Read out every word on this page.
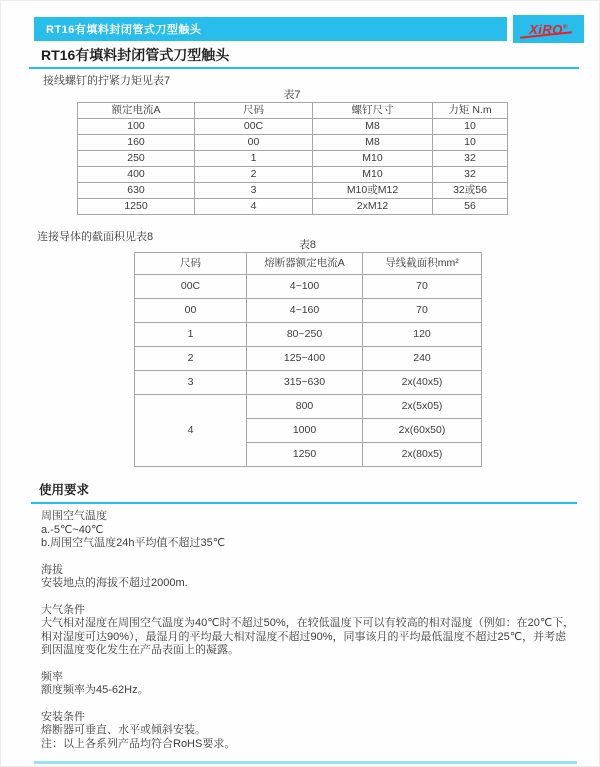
RT16有填料封闭管式刀型触头	XiRO®
RT16有填料封闭管式刀型触头
接线螺钉的拧紧力矩见表7
表7
额定电流A	尺码	螺钉尺寸	力矩 N.m
100	00C	M8	10
160	00	M8	10
250	1	M10	32
400	2	M10	32
630	3	M10或M12	32或56
1250	4	2xM12	56
连接导体的截面积见表8
表8
尺码	熔断器额定电流A	导线截面积mm²
00C	4~100	70
00	4~160	70
1	80~250	120
2	125~400	240
3	315~630	2x(40x5)
4	800	2x(5x05)
	1000	2x(60x50)
	1250	2x(80x5)
使用要求
周围空气温度
a.-5℃~40℃
b.周围空气温度24h平均值不超过35℃
海拔
安装地点的海拔不超过2000m.
大气条件
大气相对湿度在周围空气温度为40℃时不超过50%，在较低温度下可以有较高的相对湿度（例如：在20℃下，相对湿度可达90%），最湿月的平均最大相对湿度不超过90%，同事该月的平均最低温度不超过25℃，并考虑到因温度变化发生在产品表面上的凝露。
频率
额度频率为45-62Hz。
安装条件
熔断器可垂直、水平或倾斜安装。
注：以上各系列产品均符合RoHS要求。
